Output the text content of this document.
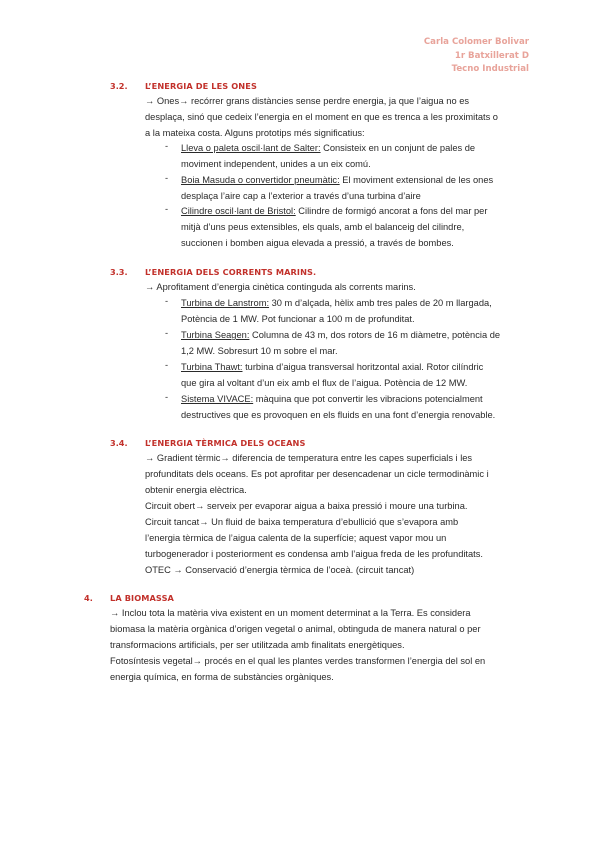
Carla Colomer Bolivar
1r Batxillerat D
Tecno Industrial
3.2. L’ENERGIA DE LES ONES
→ Ones→ recórrer grans distàncies sense perdre energia, ja que l’aigua no es
desplaça, sinó que cedeix l’energia en el moment en que es trenca a les proximitats o
a la mateixa costa. Alguns prototips més significatius:
- Lleva o paleta oscil·lant de Salter: Consisteix en un conjunt de pales de
moviment independent, unides a un eix comú.
- Boia Masuda o convertidor pneumàtic: El moviment extensional de les ones
desplaça l’aire cap a l’exterior a través d’una turbina d’aire
- Cilindre oscil·lant de Bristol: Cilindre de formigó ancorat a fons del mar per
mitjà d’uns peus extensibles, els quals, amb el balanceig del cilindre,
succionen i bomben aigua elevada a pressió, a través de bombes.
3.3. L’ENERGIA DELS CORRENTS MARINS.
→ Aprofitament d’energia cinètica continguda als corrents marins.
- Turbina de Lanstrom: 30 m d’alçada, hèlix amb tres pales de 20 m llargada,
Potència de 1 MW. Pot funcionar a 100 m de profunditat.
- Turbina Seagen: Columna de 43 m, dos rotors de 16 m diàmetre, potència de
1,2 MW. Sobresurt 10 m sobre el mar.
- Turbina Thawt: turbina d’aigua transversal horitzontal axial. Rotor cilíndric
que gira al voltant d’un eix amb el flux de l’aigua. Potència de 12 MW.
- Sistema VIVACE: màquina que pot convertir les vibracions potencialment
destructives que es provoquen en els fluids en una font d’energia renovable.
3.4. L’ENERGIA TÈRMICA DELS OCEANS
→ Gradient tèrmic→ diferencia de temperatura entre les capes superficials i les
profunditats dels oceans. Es pot aprofitar per desencadenar un cicle termodinàmic i
obtenir energia elèctrica.
Circuit obert→ serveix per evaporar aigua a baixa pressió i moure una turbina.
Circuit tancat→ Un fluid de baixa temperatura d’ebullició que s’evapora amb
l’energia tèrmica de l’aigua calenta de la superfície; aquest vapor mou un
turbogenerador i posteriorment es condensa amb l’aigua freda de les profunditats.
OTEC → Conservació d’energia tèrmica de l’oceà. (circuit tancat)
4. LA BIOMASSA
→ Inclou tota la matèria viva existent en un moment determinat a la Terra. Es considera
biomasa la matèria orgànica d’origen vegetal o animal, obtinguda de manera natural o per
transformacions artificials, per ser utilitzada amb finalitats energètiques.
Fotosíntesis vegetal→ procés en el qual les plantes verdes transformen l’energia del sol en
energia química, en forma de substàncies orgàniques.
